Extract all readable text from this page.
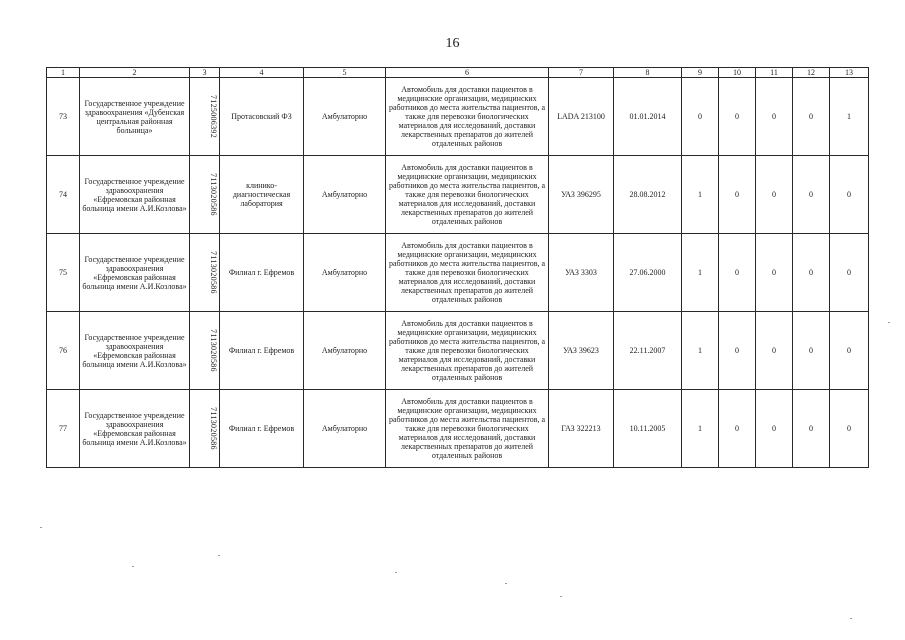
16
1	2	3	4	5	6	7	8	9	10	11	12	13
73	Государственное учреждение здравоохранения «Дубенская центральная районная больница»	7125006392	Протасовский ФЗ	Амбулаторно	Автомобиль для доставки пациентов в медицинские организации, медицинских работников до места жительства пациентов, а также для перевозки биологических материалов для исследований, доставки лекарственных препаратов до жителей отдаленных районов	LADA 213100	01.01.2014	0	0	0	0	1
74	Государственное учреждение здравоохранения «Ефремовская районная больница имени А.И.Козлова»	7113020586	клинико-диагностическая лаборатория	Амбулаторно	Автомобиль для доставки пациентов в медицинские организации, медицинских работников до места жительства пациентов, а также для перевозки биологических материалов для исследований, доставки лекарственных препаратов до жителей отдаленных районов	УАЗ 396295	28.08.2012	1	0	0	0	0
75	Государственное учреждение здравоохранения «Ефремовская районная больница имени А.И.Козлова»	7113020586	Филиал г. Ефремов	Амбулаторно	Автомобиль для доставки пациентов в медицинские организации, медицинских работников до места жительства пациентов, а также для перевозки биологических материалов для исследований, доставки лекарственных препаратов до жителей отдаленных районов	УАЗ 3303	27.06.2000	1	0	0	0	0
76	Государственное учреждение здравоохранения «Ефремовская районная больница имени А.И.Козлова»	7113020586	Филиал г. Ефремов	Амбулаторно	Автомобиль для доставки пациентов в медицинские организации, медицинских работников до места жительства пациентов, а также для перевозки биологических материалов для исследований, доставки лекарственных препаратов до жителей отдаленных районов	УАЗ 39623	22.11.2007	1	0	0	0	0
77	Государственное учреждение здравоохранения «Ефремовская районная больница имени А.И.Козлова»	7113020586	Филиал г. Ефремов	Амбулаторно	Автомобиль для доставки пациентов в медицинские организации, медицинских работников до места жительства пациентов, а также для перевозки биологических материалов для исследований, доставки лекарственных препаратов до жителей отдаленных районов	ГАЗ 322213	10.11.2005	1	0	0	0	0
